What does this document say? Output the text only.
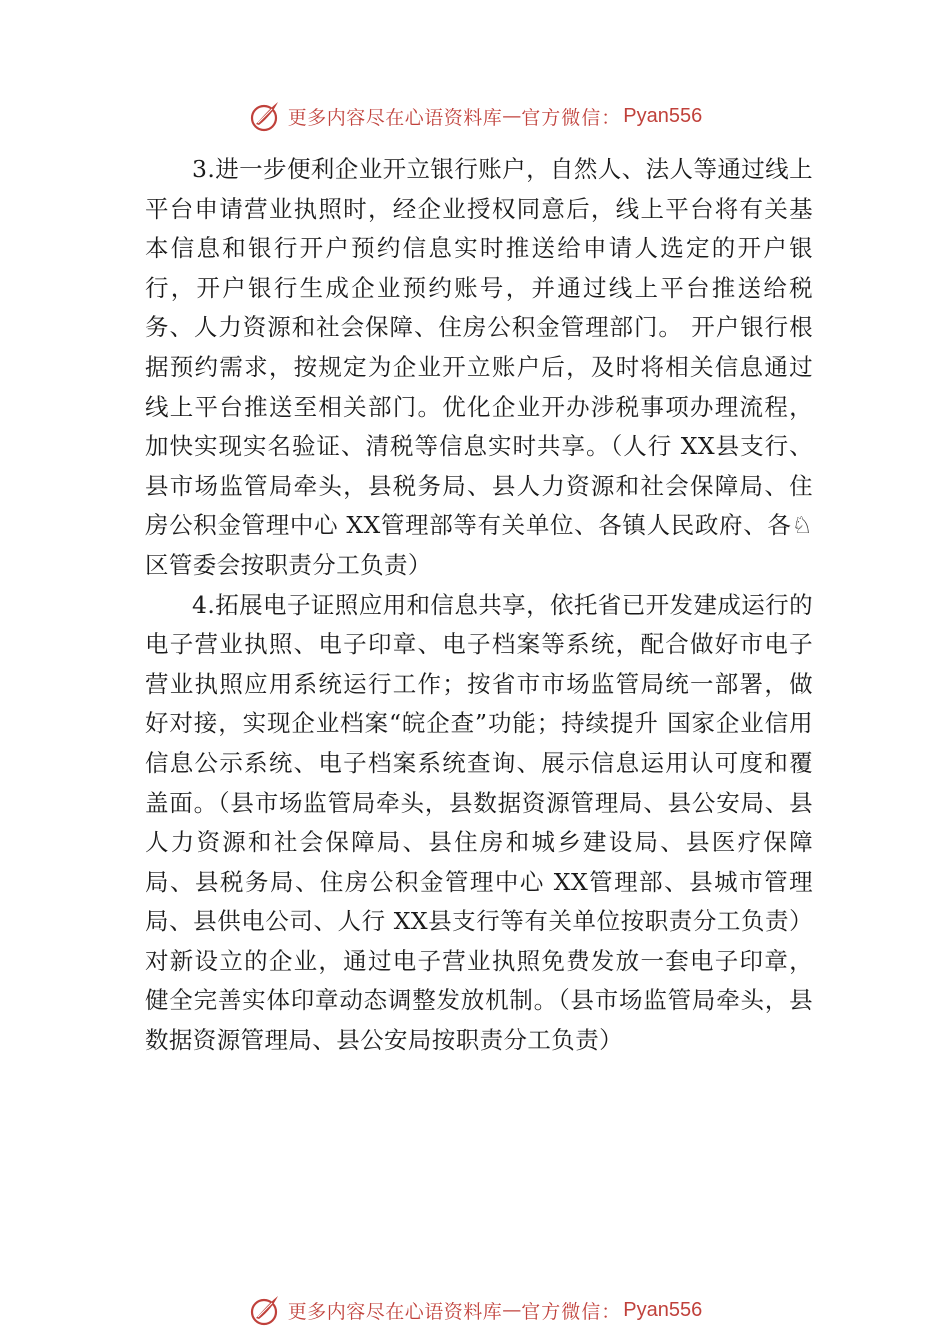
更多内容尽在心语资料库 — 官方微信： Pyan556

3.进一步便利企业开立银行账户，自然人、法人等通过线上平台申请营业执照时，经企业授权同意后，线上平台将有关基本信息和银行开户预约信息实时推送给申请人选定的开户银行，开户银行生成企业预约账号，并通过线上平台推送给税务、人力资源和社会保障、住房公积金管理部门。 开户银行根据预约需求，按规定为企业开立账户后，及时将相关信息通过线上平台推送至相关部门。优化企业开办涉税事项办理流程，加快实现实名验证、清税等信息实时共享。（人行 XX县支行、县市场监管局牵头，县税务局、县人力资源和社会保障局、住房公积金管理中心 XX管理部等有关单位、各镇人民政府、各♘区管委会按职责分工负责）

4.拓展电子证照应用和信息共享，依托省已开发建成运行的电子营业执照、电子印章、电子档案等系统，配合做好市电子营业执照应用系统运行工作；按省市市场监管局统一部署，做好对接，实现企业档案“皖企查”功能；持续提升 国家企业信用信息公示系统、电子档案系统查询、展示信息运用认可度和覆盖面。（县市场监管局牵头，县数据资源管理局、县公安局、县人力资源和社会保障局、县住房和城乡建设局、县医疗保障局、县税务局、住房公积金管理中心 XX管理部、县城市管理局、县供电公司、人行 XX县支行等有关单位按职责分工负责）对新设立的企业，通过电子营业执照免费发放一套电子印章，健全完善实体印章动态调整发放机制。（县市场监管局牵头，县数据资源管理局、县公安局按职责分工负责）

更多内容尽在心语资料库 — 官方微信： Pyan556
